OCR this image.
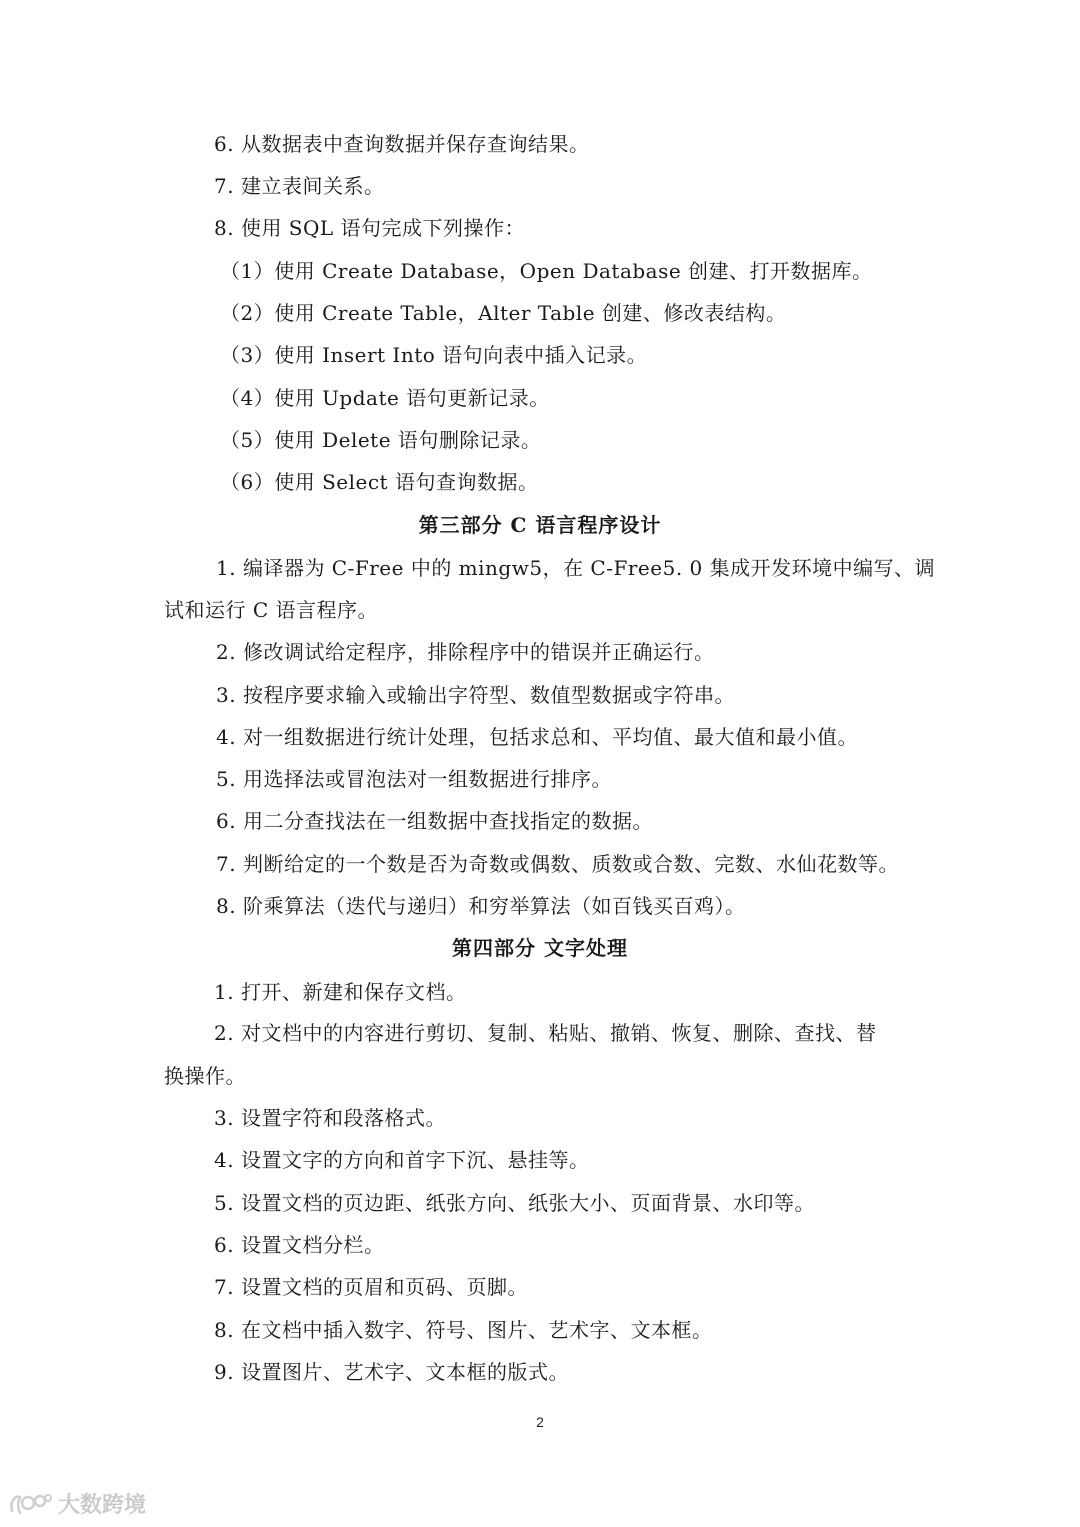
6. 从数据表中查询数据并保存查询结果。
7. 建立表间关系。
8. 使用 SQL 语句完成下列操作：
（1）使用 Create Database，Open Database 创建、打开数据库。
（2）使用 Create Table，Alter Table 创建、修改表结构。
（3）使用 Insert Into 语句向表中插入记录。
（4）使用 Update 语句更新记录。
（5）使用 Delete 语句删除记录。
（6）使用 Select 语句查询数据。
第三部分 C 语言程序设计
1. 编译器为 C-Free 中的 mingw5，在 C-Free5. 0 集成开发环境中编写、调
试和运行 C 语言程序。
2. 修改调试给定程序，排除程序中的错误并正确运行。
3. 按程序要求输入或输出字符型、数值型数据或字符串。
4. 对一组数据进行统计处理，包括求总和、平均值、最大值和最小值。
5. 用选择法或冒泡法对一组数据进行排序。
6. 用二分查找法在一组数据中查找指定的数据。
7. 判断给定的一个数是否为奇数或偶数、质数或合数、完数、水仙花数等。
8. 阶乘算法（迭代与递归）和穷举算法（如百钱买百鸡）。
第四部分 文字处理
1. 打开、新建和保存文档。
2. 对文档中的内容进行剪切、复制、粘贴、撤销、恢复、删除、查找、替
换操作。
3. 设置字符和段落格式。
4. 设置文字的方向和首字下沉、悬挂等。
5. 设置文档的页边距、纸张方向、纸张大小、页面背景、水印等。
6. 设置文档分栏。
7. 设置文档的页眉和页码、页脚。
8. 在文档中插入数字、符号、图片、艺术字、文本框。
9. 设置图片、艺术字、文本框的版式。
2
大数跨境
